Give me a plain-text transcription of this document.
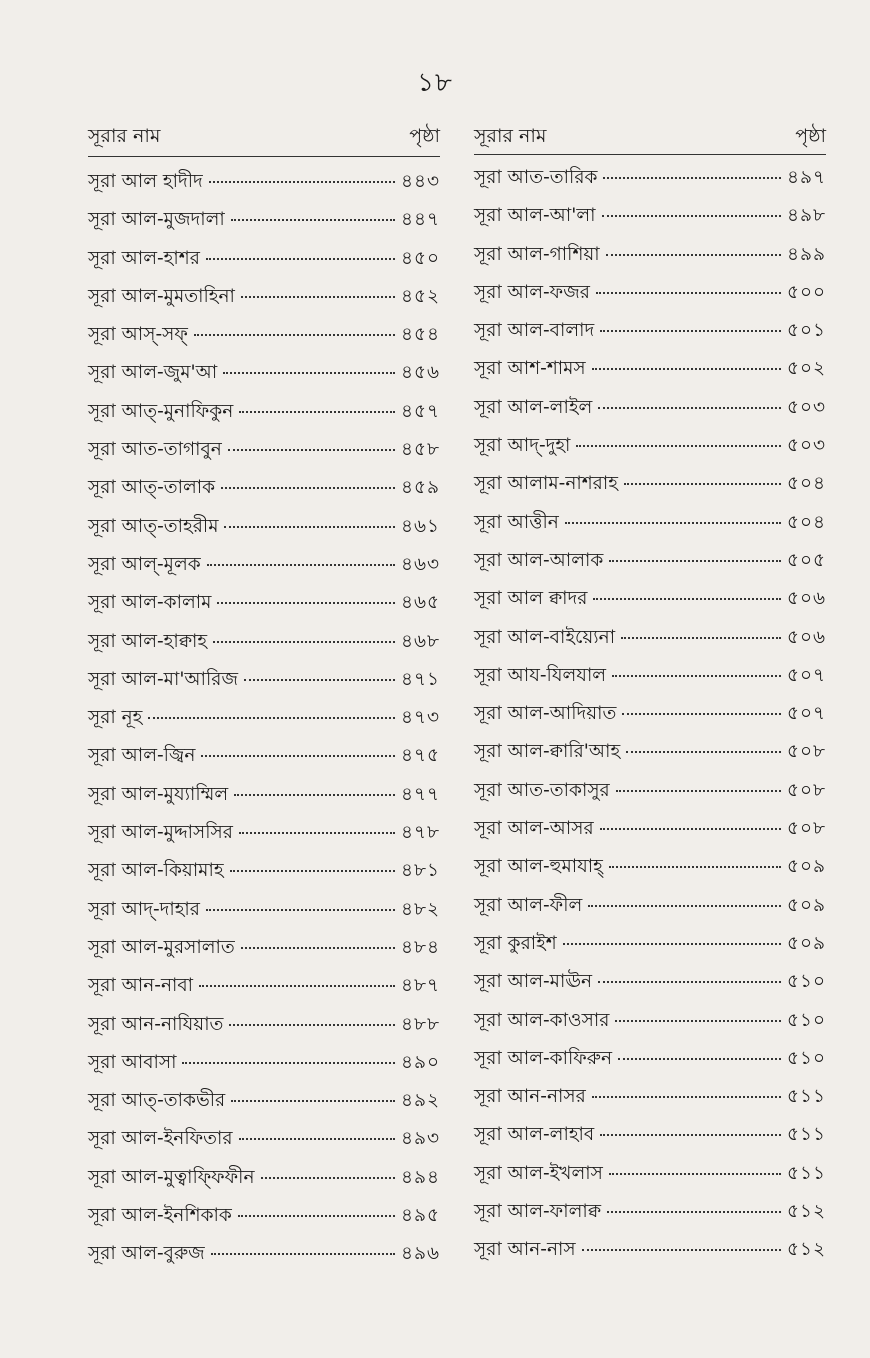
১৮
সূরার নাম	পৃষ্ঠা
সূরা আল হাদীদ	৪৪৩
সূরা আল-মুজদালা	৪৪৭
সূরা আল-হাশর	৪৫০
সূরা আল-মুমতাহিনা	৪৫২
সূরা আস্-সফ্	৪৫৪
সূরা আল-জুম'আ	৪৫৬
সূরা আত্-মুনাফিকুন	৪৫৭
সূরা আত-তাগাবুন	৪৫৮
সূরা আত্-তালাক	৪৫৯
সূরা আত্-তাহরীম	৪৬১
সূরা আল্-মূলক	৪৬৩
সূরা আল-কালাম	৪৬৫
সূরা আল-হাক্বাহ	৪৬৮
সূরা আল-মা'আরিজ	৪৭১
সূরা নূহ	৪৭৩
সূরা আল-জ্বিন	৪৭৫
সূরা আল-মুয্যাম্মিল	৪৭৭
সূরা আল-মুদ্দাসসির	৪৭৮
সূরা আল-কিয়ামাহ	৪৮১
সূরা আদ্-দাহার	৪৮২
সূরা আল-মুরসালাত	৪৮৪
সূরা আন-নাবা	৪৮৭
সূরা আন-নাযিয়াত	৪৮৮
সূরা আবাসা	৪৯০
সূরা আত্-তাকভীর	৪৯২
সূরা আল-ইনফিতার	৪৯৩
সূরা আল-মুত্বাফ্ফিফীন	৪৯৪
সূরা আল-ইনশিকাক	৪৯৫
সূরা আল-বুরুজ	৪৯৬
সূরার নাম	পৃষ্ঠা
সূরা আত-তারিক	৪৯৭
সূরা আল-আ'লা	৪৯৮
সূরা আল-গাশিয়া	৪৯৯
সূরা আল-ফজর	৫০০
সূরা আল-বালাদ	৫০১
সূরা আশ-শামস	৫০২
সূরা আল-লাইল	৫০৩
সূরা আদ্-দুহা	৫০৩
সূরা আলাম-নাশরাহ	৫০৪
সূরা আত্তীন	৫০৪
সূরা আল-আলাক	৫০৫
সূরা আল ক্বাদর	৫০৬
সূরা আল-বাইয়্যেনা	৫০৬
সূরা আয-যিলযাল	৫০৭
সূরা আল-আদিয়াত	৫০৭
সূরা আল-ক্বারি'আহ	৫০৮
সূরা আত-তাকাসুর	৫০৮
সূরা আল-আসর	৫০৮
সূরা আল-হুমাযাহ্	৫০৯
সূরা আল-ফীল	৫০৯
সূরা কুরাইশ	৫০৯
সূরা আল-মাঊন	৫১০
সূরা আল-কাওসার	৫১০
সূরা আল-কাফিরুন	৫১০
সূরা আন-নাসর	৫১১
সূরা আল-লাহাব	৫১১
সূরা আল-ইখলাস	৫১১
সূরা আল-ফালাক্ব	৫১২
সূরা আন-নাস	৫১২
